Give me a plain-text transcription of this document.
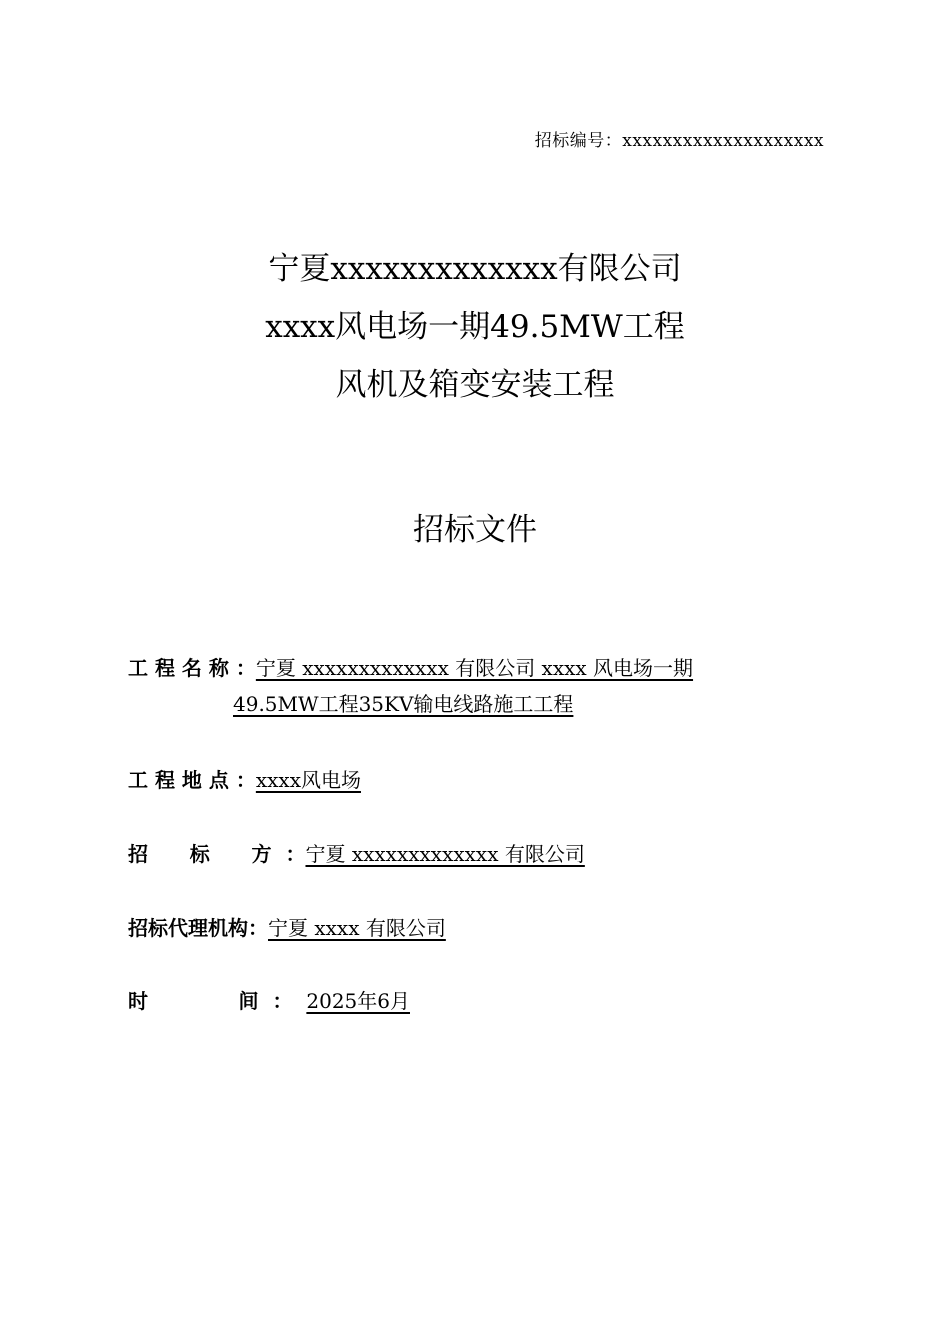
招标编号：xxxxxxxxxxxxxxxxxxxx
宁夏xxxxxxxxxxxxx有限公司
xxxx风电场一期49.5MW工程
风机及箱变安装工程
招标文件
工 程 名 称 ：宁夏 xxxxxxxxxxxxx 有限公司 xxxx 风电场一期
49.5MW工程35KV输电线路施工工程
工 程 地 点 ：xxxx风电场
招      标      方  ：宁夏 xxxxxxxxxxxxx 有限公司
招标代理机构：宁夏 xxxx 有限公司
时             间  ：  2025年6月
